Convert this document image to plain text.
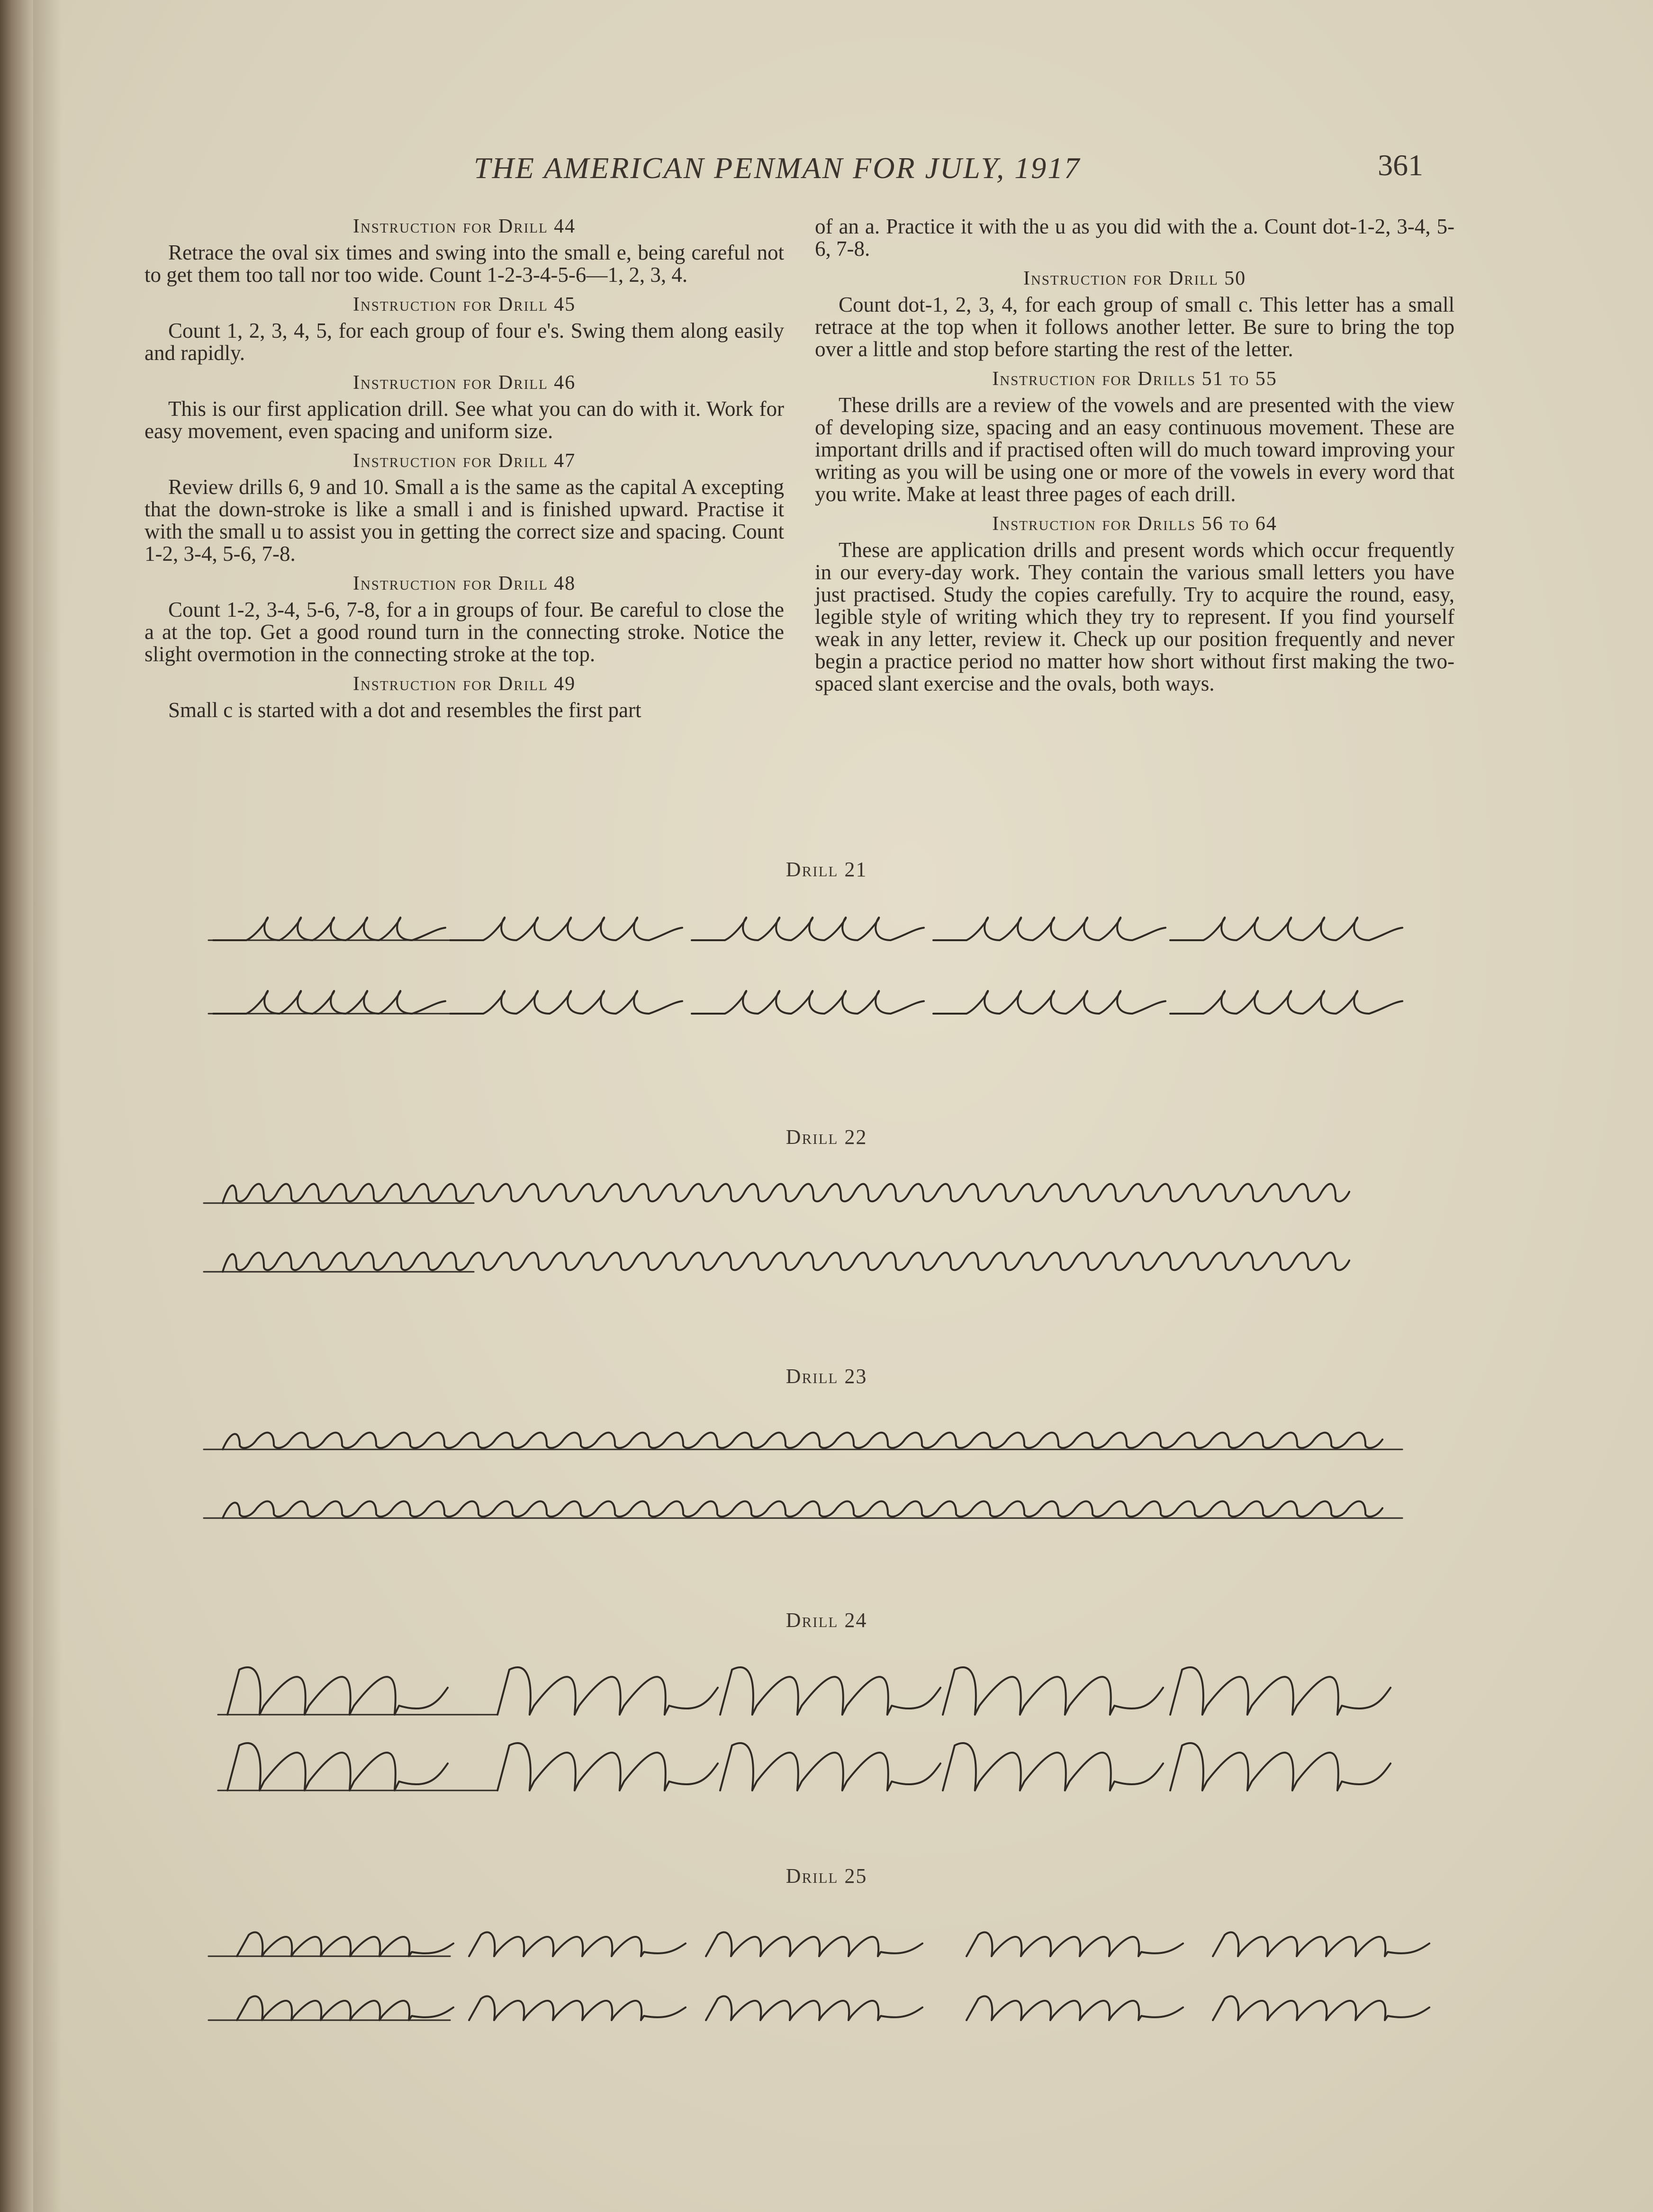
THE AMERICAN PENMAN FOR JULY, 1917	361
Instruction for Drill 44

Retrace the oval six times and swing into the small e, being careful not to get them too tall nor too wide. Count 1-2-3-4-5-6—1, 2, 3, 4.

Instruction for Drill 45

Count 1, 2, 3, 4, 5, for each group of four e's. Swing them along easily and rapidly.

Instruction for Drill 46

This is our first application drill. See what you can do with it. Work for easy movement, even spacing and uniform size.

Instruction for Drill 47

Review drills 6, 9 and 10. Small a is the same as the capital A excepting that the down-stroke is like a small i and is finished upward. Practise it with the small u to assist you in getting the correct size and spacing. Count 1-2, 3-4, 5-6, 7-8.

Instruction for Drill 48

Count 1-2, 3-4, 5-6, 7-8, for a in groups of four. Be careful to close the a at the top. Get a good round turn in the connecting stroke. Notice the slight overmotion in the connecting stroke at the top.

Instruction for Drill 49

Small c is started with a dot and resembles the first part

of an a. Practice it with the u as you did with the a. Count dot-1-2, 3-4, 5-6, 7-8.

Instruction for Drill 50

Count dot-1, 2, 3, 4, for each group of small c. This letter has a small retrace at the top when it follows another letter. Be sure to bring the top over a little and stop before starting the rest of the letter.

Instruction for Drills 51 to 55

These drills are a review of the vowels and are presented with the view of developing size, spacing and an easy continuous movement. These are important drills and if practised often will do much toward improving your writing as you will be using one or more of the vowels in every word that you write. Make at least three pages of each drill.

Instruction for Drills 56 to 64

These are application drills and present words which occur frequently in our every-day work. They contain the various small letters you have just practised. Study the copies carefully. Try to acquire the round, easy, legible style of writing which they try to represent. If you find yourself weak in any letter, review it. Check up our position frequently and never begin a practice period no matter how short without first making the two-spaced slant exercise and the ovals, both ways.

Drill 21
Drill 22
Drill 23
Drill 24
Drill 25
